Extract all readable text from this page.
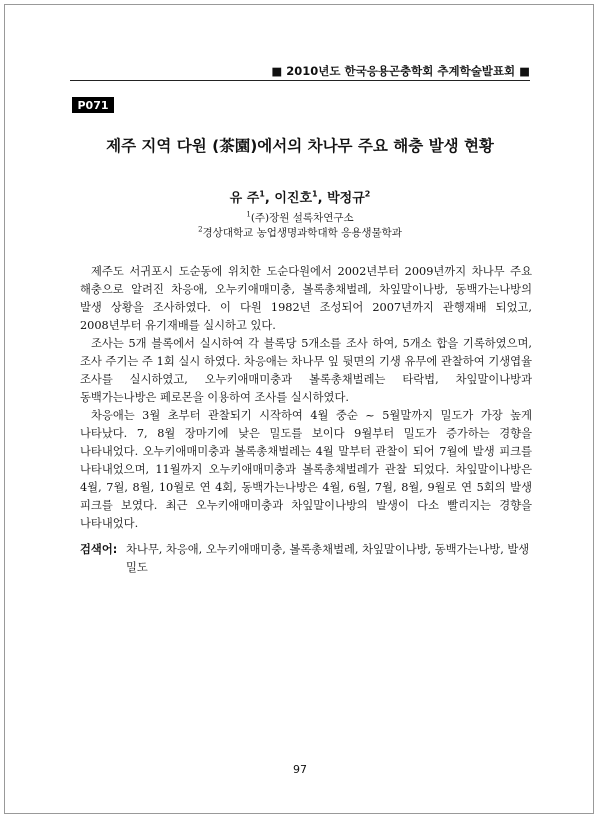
■ 2010년도 한국응용곤충학회 추계학술발표회 ■
P071
제주 지역 다원 (茶園)에서의 차나무 주요 해충 발생 현황
유 주$^1$, 이진호$^1$, 박정규$^2$
$^1$(주)장원 설록차연구소
$^2$경상대학교 농업생명과학대학 응용생물학과

제주도 서귀포시 도순동에 위치한 도순다원에서 2002년부터 2009년까지 차나무 주요 해충으로 알려진 차응애, 오누키애매미충, 볼록총채벌레, 차잎말이나방, 동백가는나방의 발생 상황을 조사하였다. 이 다원 1982년 조성되어 2007년까지 관행재배 되었고, 2008년부터 유기재배를 실시하고 있다.

조사는 5개 블록에서 실시하여 각 블록당 5개소를 조사 하여, 5개소 합을 기록하였으며, 조사 주기는 주 1회 실시 하였다. 차응애는 차나무 잎 뒷면의 기생 유무에 관찰하여 기생엽율 조사를 실시하였고, 오누키애매미충과 볼록총채벌레는 타락법, 차잎말이나방과 동백가는나방은 페로몬을 이용하여 조사를 실시하였다.

차응애는 3월 초부터 관찰되기 시작하여 4월 중순 ~ 5월말까지 밀도가 가장 높게 나타났다. 7, 8월 장마기에 낮은 밀도를 보이다 9월부터 밀도가 증가하는 경향을 나타내었다. 오누키애매미충과 볼록총채벌레는 4월 말부터 관찰이 되어 7월에 발생 피크를 나타내었으며, 11월까지 오누키애매미충과 볼록총채벌레가 관찰 되었다. 차잎말이나방은 4월, 7월, 8월, 10월로 연 4회, 동백가는나방은 4월, 6월, 7월, 8월, 9월로 연 5회의 발생 피크를 보였다. 최근 오누키애매미충과 차잎말이나방의 발생이 다소 빨리지는 경향을 나타내었다.

검색어: 차나무, 차응애, 오누키애매미충, 볼록총채벌레, 차잎말이나방, 동백가는나방, 발생밀도
97
